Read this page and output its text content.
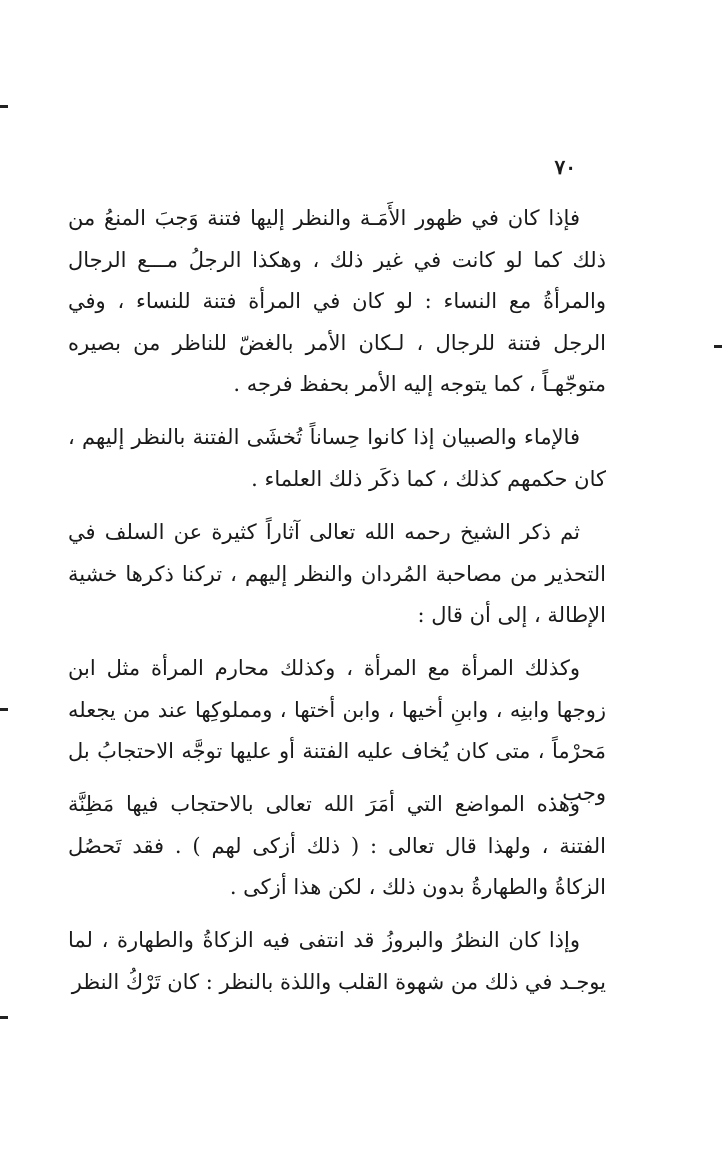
٧٠

فإذا كان في ظهور الأَمَـة والنظر إليها فتنة وَجبَ المنعُ من ذلك كما لو كانت في غير ذلك ، وهكذا الرجلُ مـــع الرجال والمرأةُ مع النساء : لو كان في المرأة فتنة للنساء ، وفي الرجل فتنة للرجال ، لـكان الأمر بالغضّ للناظر من بصيره متوجّهـاً ، كما يتوجه إليه الأمر بحفظ فرجه .

فالإماء والصبيان إذا كانوا حِساناً تُخشَى الفتنة بالنظر إليهم ، كان حكمهم كذلك ، كما ذكَر ذلك العلماء .

ثم ذكر الشيخ رحمه الله تعالى آثاراً كثيرة عن السلف في التحذير من مصاحبة المُردان والنظر إليهم ، تركنا ذكرها خشية الإطالة ، إلى أن قال :

وكذلك المرأة مع المرأة ، وكذلك محارم المرأة مثل ابن زوجها وابنِه ، وابنِ أخيها ، وابن أختها ، ومملوكِها عند من يجعله مَحرْماً ، متى كان يُخاف عليه الفتنة أو عليها توجَّه الاحتجابُ بل وجب .

وهذه المواضع التي أمَرَ الله تعالى بالاحتجاب فيها مَظِنَّة الفتنة ، ولهذا قال تعالى : ( ذلك أزكى لهم ) . فقد تَحصُل الزكاةُ والطهارةُ بدون ذلك ، لكن هذا أزكى .

وإذا كان النظرُ والبروزُ قد انتفى فيه الزكاةُ والطهارة ، لما يوجـد في ذلك من شهوة القلب واللذة بالنظر : كان تَرْكُ النظر
